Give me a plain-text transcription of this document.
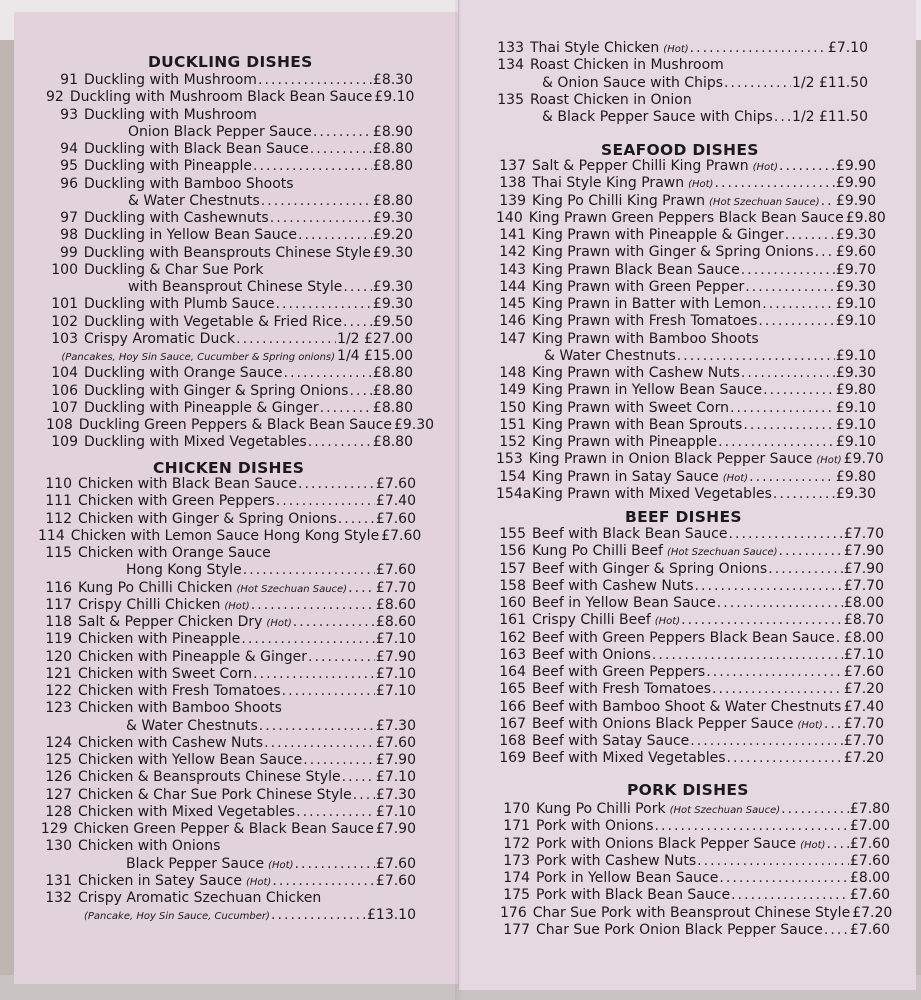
DUCKLING DISHES
CHICKEN DISHES
SEAFOOD DISHES
BEEF DISHES
PORK DISHES
91 Duckling with Mushroom . . .	£8.30
92 Duckling with Mushroom Black Bean Sauce £9.10
93 Duckling with Mushroom
Onion Black Pepper Sauce . . .	£8.90
94 Duckling with Black Bean Sauce . . .	£8.80
95 Duckling with Pineapple . . .	£8.80
96 Duckling with Bamboo Shoots
& Water Chestnuts . . .	£8.80
97 Duckling with Cashewnuts . . .	£9.30
98 Duckling in Yellow Bean Sauce . . .	£9.20
99 Duckling with Beansprouts Chinese Style £9.30
100 Duckling & Char Sue Pork
with Beansprout Chinese Style . . . £9.30
101 Duckling with Plumb Sauce . . .	£9.30
102 Duckling with Vegetable & Fried Rice . . . £9.50
103 Crispy Aromatic Duck . . .	1/2 £27.00
(Pancakes, Hoy Sin Sauce, Cucumber & Spring onions) 1/4 £15.00
104 Duckling with Orange Sauce . . .	£8.80
106 Duckling with Ginger & Spring Onions . . . £8.80
107 Duckling with Pineapple & Ginger . . .	£8.80
108 Duckling Green Peppers & Black Bean Sauce £9.30
109 Duckling with Mixed Vegetables . . .	£8.80
110 Chicken with Black Bean Sauce . . .	£7.60
111 Chicken with Green Peppers . . .	£7.40
112 Chicken with Ginger & Spring Onions . . .	£7.60
114 Chicken with Lemon Sauce Hong Kong Style £7.60
115 Chicken with Orange Sauce
Hong Kong Style . . .	£7.60
116 Kung Po Chilli Chicken (Hot Szechuan Sauce) . . . £7.70
117 Crispy Chilli Chicken (Hot) . . .	£8.60
118 Salt & Pepper Chicken Dry (Hot) . . .	£8.60
119 Chicken with Pineapple . . .	£7.10
120 Chicken with Pineapple & Ginger . . .	£7.90
121 Chicken with Sweet Corn . . .	£7.10
122 Chicken with Fresh Tomatoes . . .	£7.10
123 Chicken with Bamboo Shoots
& Water Chestnuts . . .	£7.30
124 Chicken with Cashew Nuts . . .	£7.60
125 Chicken with Yellow Bean Sauce . . .	£7.90
126 Chicken & Beansprouts Chinese Style . . .	£7.10
127 Chicken & Char Sue Pork Chinese Style . . . £7.30
128 Chicken with Mixed Vegetables . . .	£7.10
129 Chicken Green Pepper & Black Bean Sauce £7.90
130 Chicken with Onions
Black Pepper Sauce (Hot) . . .	£7.60
131 Chicken in Satey Sauce (Hot) . . .	£7.60
132 Crispy Aromatic Szechuan Chicken
(Pancake, Hoy Sin Sauce, Cucumber) . . .	£13.10
133 Thai Style Chicken (Hot) . . .	£7.10
134 Roast Chicken in Mushroom
& Onion Sauce with Chips . . .	1/2 £11.50
135 Roast Chicken in Onion
& Black Pepper Sauce with Chips . . . 1/2 £11.50
137 Salt & Pepper Chilli King Prawn (Hot) . . .	£9.90
138 Thai Style King Prawn (Hot) . . .	£9.90
139 King Po Chilli King Prawn (Hot Szechuan Sauce) . . . £9.90
140 King Prawn Green Peppers Black Bean Sauce £9.80
141 King Prawn with Pineapple & Ginger . . .	£9.30
142 King Prawn with Ginger & Spring Onions . . . £9.60
143 King Prawn Black Bean Sauce . . .	£9.70
144 King Prawn with Green Pepper . . .	£9.30
145 King Prawn in Batter with Lemon . . .	£9.10
146 King Prawn with Fresh Tomatoes . . .	£9.10
147 King Prawn with Bamboo Shoots
& Water Chestnuts . . .	£9.10
148 King Prawn with Cashew Nuts . . .	£9.30
149 King Prawn in Yellow Bean Sauce . . .	£9.80
150 King Prawn with Sweet Corn . . .	£9.10
151 King Prawn with Bean Sprouts . . .	£9.10
152 King Prawn with Pineapple . . .	£9.10
153 King Prawn in Onion Black Pepper Sauce (Hot) £9.70
154 King Prawn in Satay Sauce (Hot) . . .	£9.80
154a King Prawn with Mixed Vegetables . . .	£9.30
155 Beef with Black Bean Sauce . . .	£7.70
156 Kung Po Chilli Beef (Hot Szechuan Sauce) . . .	£7.90
157 Beef with Ginger & Spring Onions . . .	£7.90
158 Beef with Cashew Nuts . . .	£7.70
160 Beef in Yellow Bean Sauce . . .	£8.00
161 Crispy Chilli Beef (Hot) . . .	£8.70
162 Beef with Green Peppers Black Bean Sauce . . . £8.00
163 Beef with Onions . . .	£7.10
164 Beef with Green Peppers . . .	£7.60
165 Beef with Fresh Tomatoes . . .	£7.20
166 Beef with Bamboo Shoot & Water Chestnuts . . . £7.40
167 Beef with Onions Black Pepper Sauce (Hot) . . . £7.70
168 Beef with Satay Sauce . . .	£7.70
169 Beef with Mixed Vegetables . . .	£7.20
170 Kung Po Chilli Pork (Hot Szechuan Sauce) . . .	£7.80
171 Pork with Onions . . .	£7.00
172 Pork with Onions Black Pepper Sauce (Hot) . . . £7.60
173 Pork with Cashew Nuts . . .	£7.60
174 Pork in Yellow Bean Sauce . . .	£8.00
175 Pork with Black Bean Sauce . . .	£7.60
176 Char Sue Pork with Beansprout Chinese Style £7.20
177 Char Sue Pork Onion Black Pepper Sauce . . . £7.60
